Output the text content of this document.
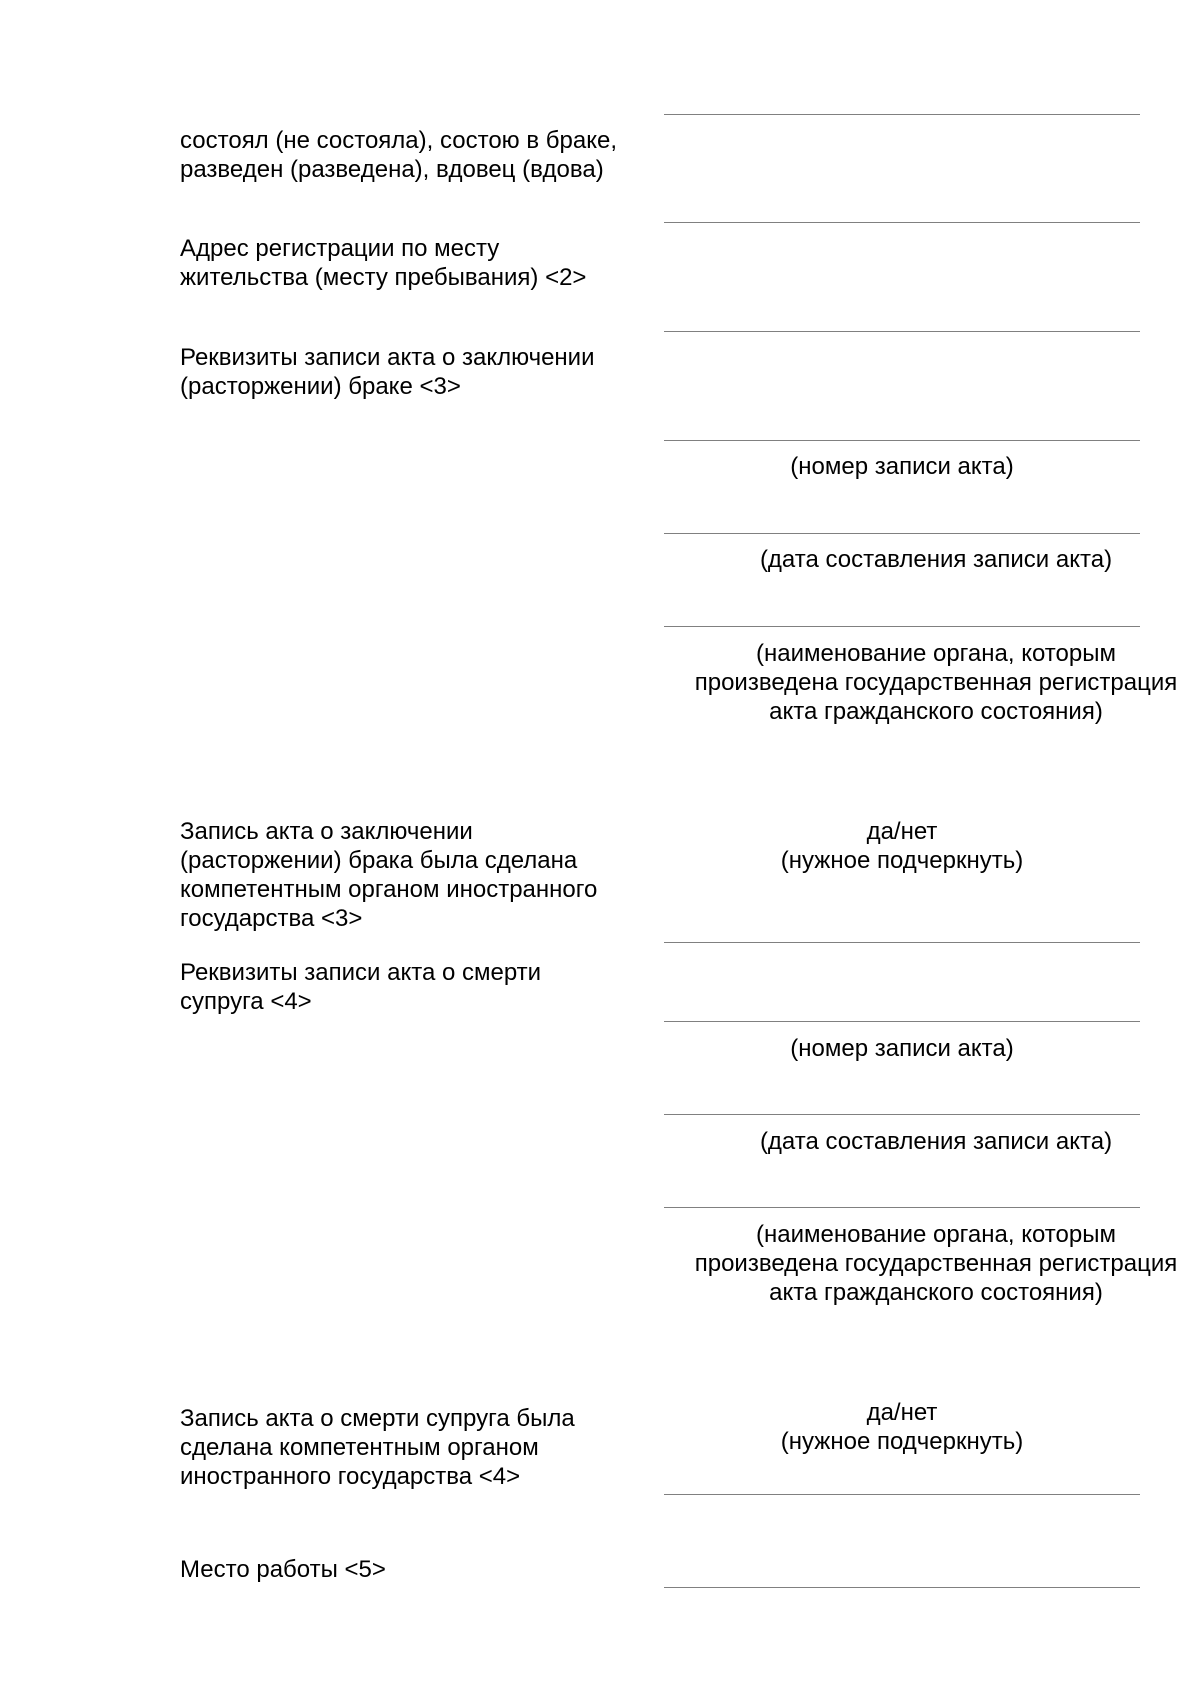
состоял (не состояла), состою в браке, разведен (разведена), вдовец (вдова)
Адрес регистрации по месту жительства (месту пребывания) <2>
Реквизиты записи акта о заключении (расторжении) браке <3>
Запись акта о заключении (расторжении) брака была сделана компетентным органом иностранного государства <3>
Реквизиты записи акта о смерти супруга <4>
Запись акта о смерти супруга была сделана компетентным органом иностранного государства <4>
Место работы <5>
(номер записи акта)
(дата составления записи акта)
(наименование органа, которым произведена государственная регистрация акта гражданского состояния)
да/нет
(нужное подчеркнуть)
(номер записи акта)
(дата составления записи акта)
(наименование органа, которым произведена государственная регистрация акта гражданского состояния)
да/нет
(нужное подчеркнуть)
